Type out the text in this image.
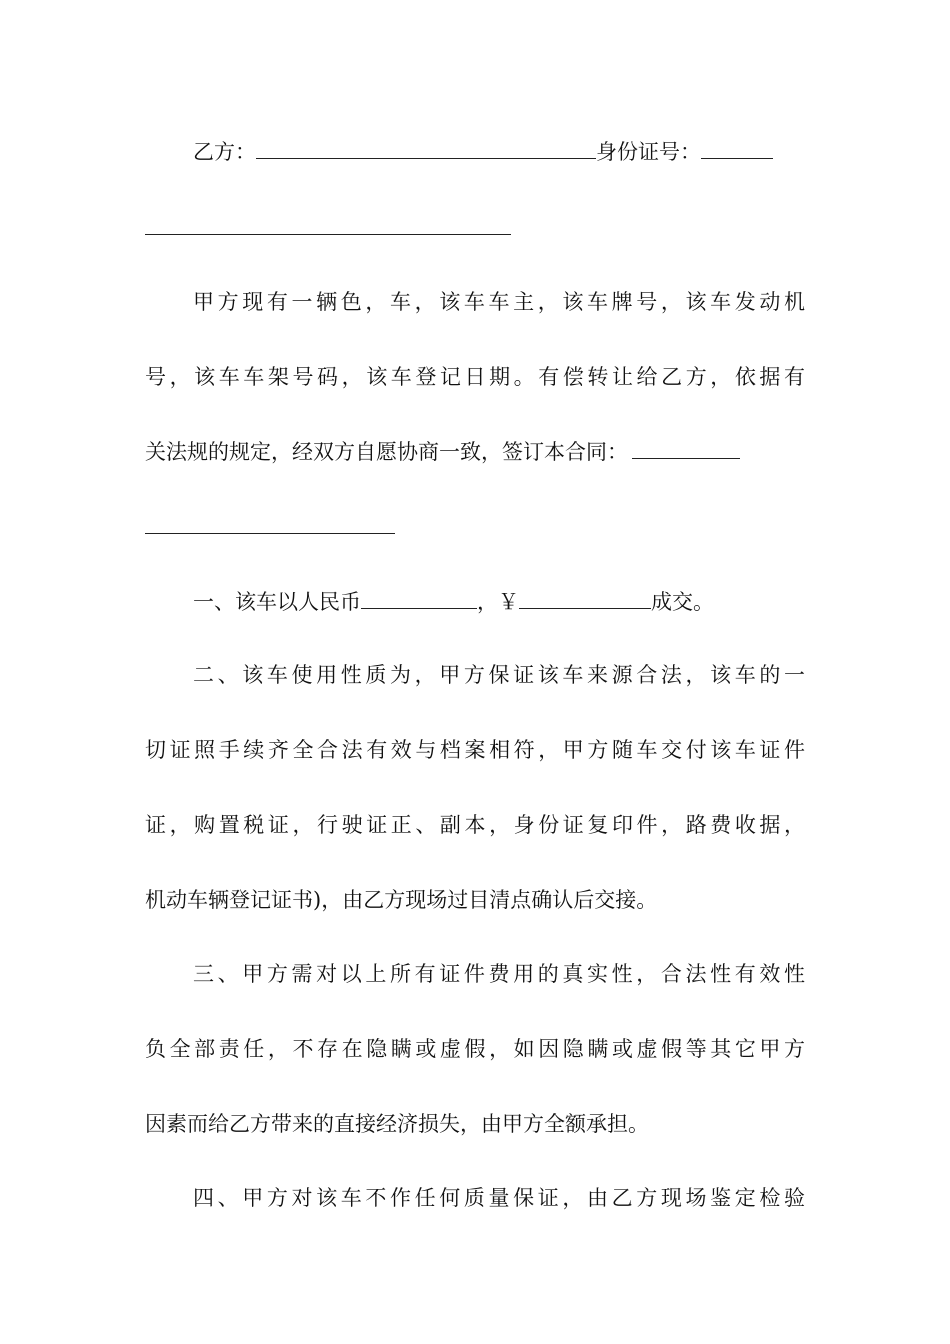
乙方：	身份证号：
甲方现有一辆色，车，该车车主，该车牌号，该车发动机
号，该车车架号码，该车登记日期。有偿转让给乙方，依据有
关法规的规定，经双方自愿协商一致，签订本合同：
一、该车以人民币	，￥	成交。
二、该车使用性质为，甲方保证该车来源合法，该车的一
切证照手续齐全合法有效与档案相符，甲方随车交付该车证件
证，购置税证，行驶证正、副本，身份证复印件，路费收据，
机动车辆登记证书)，由乙方现场过目清点确认后交接。
三、甲方需对以上所有证件费用的真实性，合法性有效性
负全部责任，不存在隐瞒或虚假，如因隐瞒或虚假等其它甲方
因素而给乙方带来的直接经济损失，由甲方全额承担。
四、甲方对该车不作任何质量保证，由乙方现场鉴定检验
